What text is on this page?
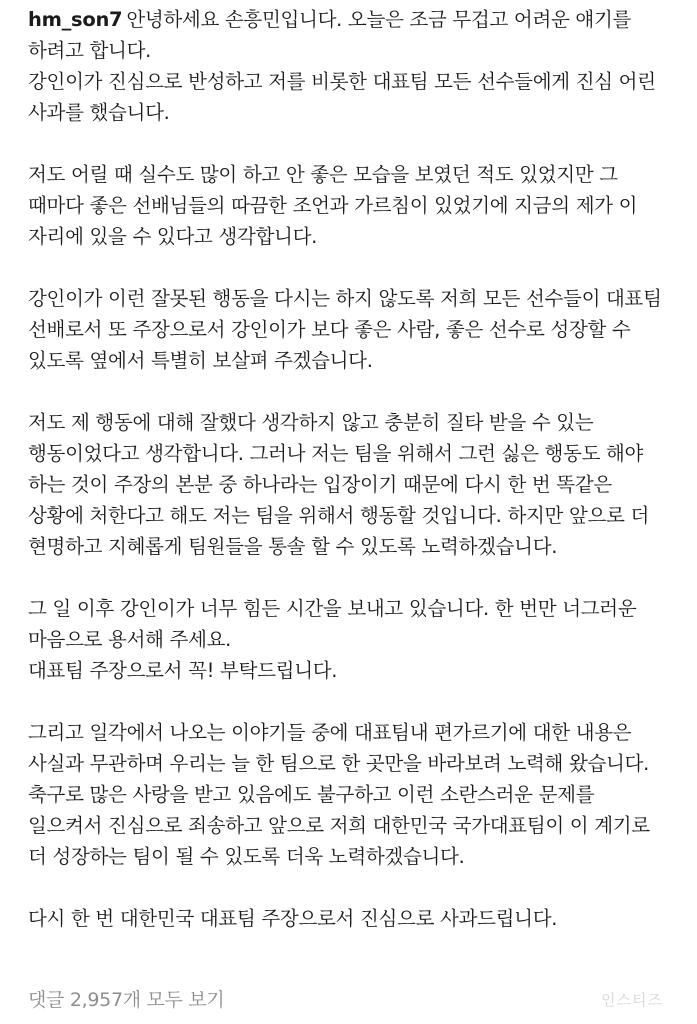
hm_son7 안녕하세요 손흥민입니다. 오늘은 조금 무겁고 어려운 얘기를 하려고 합니다.
강인이가 진심으로 반성하고 저를 비롯한 대표팀 모든 선수들에게 진심 어린 사과를 했습니다.

저도 어릴 때 실수도 많이 하고 안 좋은 모습을 보였던 적도 있었지만 그 때마다 좋은 선배님들의 따끔한 조언과 가르침이 있었기에 지금의 제가 이 자리에 있을 수 있다고 생각합니다.

강인이가 이런 잘못된 행동을 다시는 하지 않도록 저희 모든 선수들이 대표팀 선배로서 또 주장으로서 강인이가 보다 좋은 사람, 좋은 선수로 성장할 수 있도록 옆에서 특별히 보살펴 주겠습니다.

저도 제 행동에 대해 잘했다 생각하지 않고 충분히 질타 받을 수 있는 행동이었다고 생각합니다. 그러나 저는 팀을 위해서 그런 싫은 행동도 해야 하는 것이 주장의 본분 중 하나라는 입장이기 때문에 다시 한 번 똑같은 상황에 처한다고 해도 저는 팀을 위해서 행동할 것입니다. 하지만 앞으로 더 현명하고 지혜롭게 팀원들을 통솔 할 수 있도록 노력하겠습니다.

그 일 이후 강인이가 너무 힘든 시간을 보내고 있습니다. 한 번만 너그러운 마음으로 용서해 주세요.
대표팀 주장으로서 꼭! 부탁드립니다.

그리고 일각에서 나오는 이야기들 중에 대표팀내 편가르기에 대한 내용은 사실과 무관하며 우리는 늘 한 팀으로 한 곳만을 바라보려 노력해 왔습니다.
축구로 많은 사랑을 받고 있음에도 불구하고 이런 소란스러운 문제를 일으켜서 진심으로 죄송하고 앞으로 저희 대한민국 국가대표팀이 이 계기로 더 성장하는 팀이 될 수 있도록 더욱 노력하겠습니다.

다시 한 번 대한민국 대표팀 주장으로서 진심으로 사과드립니다.

댓글 2,957개 모두 보기	인스티즈
